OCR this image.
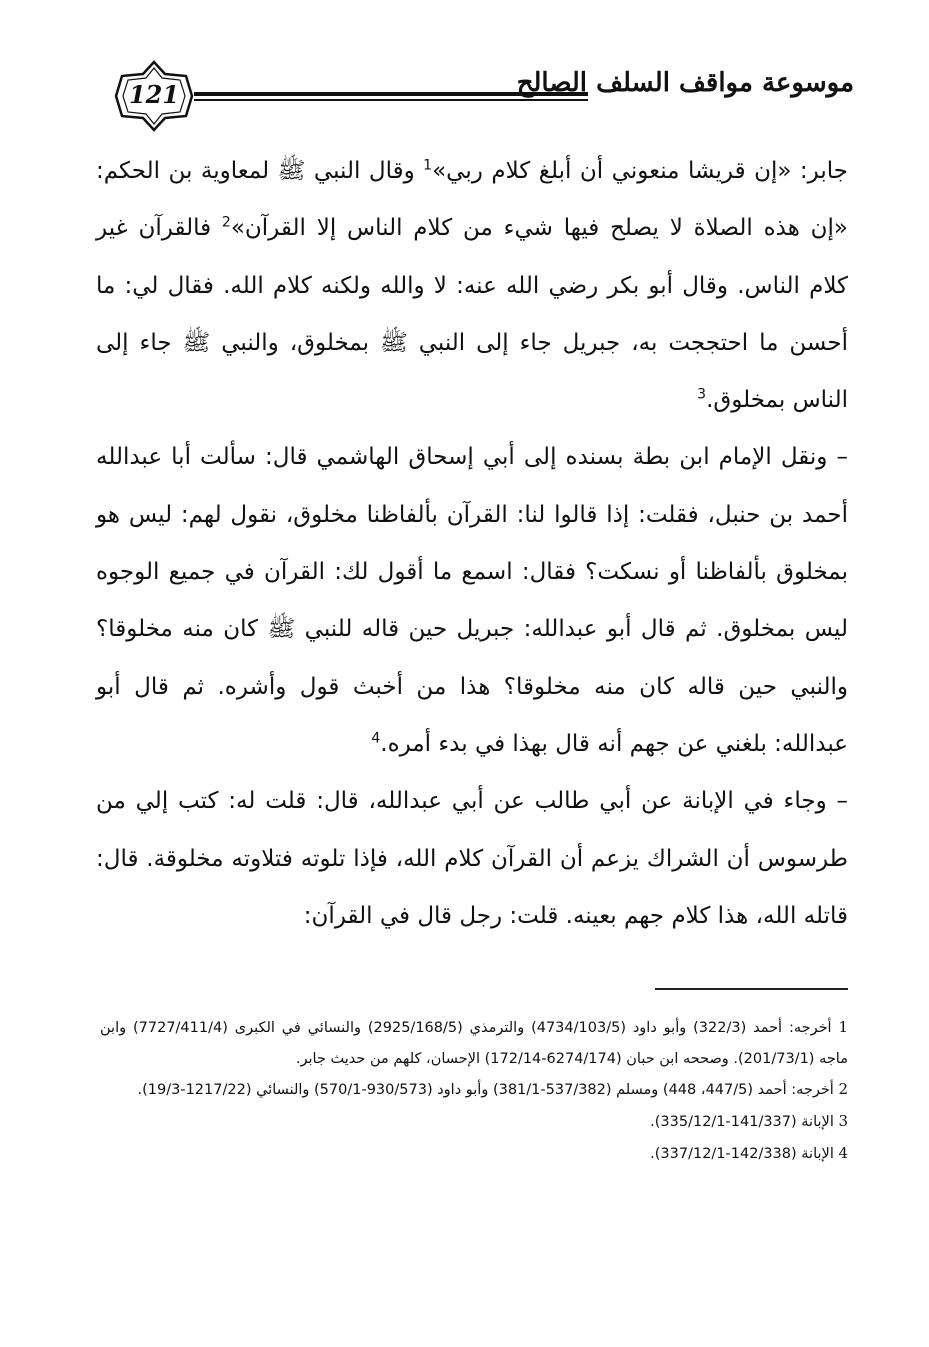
121	موسوعة مواقف السلف الصالح

جابر: «إن قريشا منعوني أن أبلغ كلام ربي»$^1$ وقال النبي ﷺ لمعاوية بن الحكم: «إن هذه الصلاة لا يصلح فيها شيء من كلام الناس إلا القرآن»$^2$ فالقرآن غير كلام الناس. وقال أبو بكر رضي الله عنه: لا والله ولكنه كلام الله. فقال لي: ما أحسن ما احتججت به، جبريل جاء إلى النبي ﷺ بمخلوق، والنبي ﷺ جاء إلى الناس بمخلوق.$^3$

– ونقل الإمام ابن بطة بسنده إلى أبي إسحاق الهاشمي قال: سألت أبا عبدالله أحمد بن حنبل، فقلت: إذا قالوا لنا: القرآن بألفاظنا مخلوق، نقول لهم: ليس هو بمخلوق بألفاظنا أو نسكت؟ فقال: اسمع ما أقول لك: القرآن في جميع الوجوه ليس بمخلوق. ثم قال أبو عبدالله: جبريل حين قاله للنبي ﷺ كان منه مخلوقا؟ والنبي حين قاله كان منه مخلوقا؟ هذا من أخبث قول وأشره. ثم قال أبو عبدالله: بلغني عن جهم أنه قال بهذا في بدء أمره.$^4$

– وجاء في الإبانة عن أبي طالب عن أبي عبدالله، قال: قلت له: كتب إلي من طرسوس أن الشراك يزعم أن القرآن كلام الله، فإذا تلوته فتلاوته مخلوقة. قال: قاتله الله، هذا كلام جهم بعينه. قلت: رجل قال في القرآن:

1 أخرجه: أحمد (322/3) وأبو داود (4734/103/5) والترمذي (2925/168/5) والنسائي في الكبرى (7727/411/4) وابن ماجه (201/73/1). وصححه ابن حبان (6274/174-172/14) الإحسان، كلهم من حديث جابر.

2 أخرجه: أحمد (447/5، 448) ومسلم (537/382-381/1) وأبو داود (930/573-570/1) والنسائي (1217/22-19/3).

3 الإبانة (141/337-335/12/1).

4 الإبانة (142/338-337/12/1).
